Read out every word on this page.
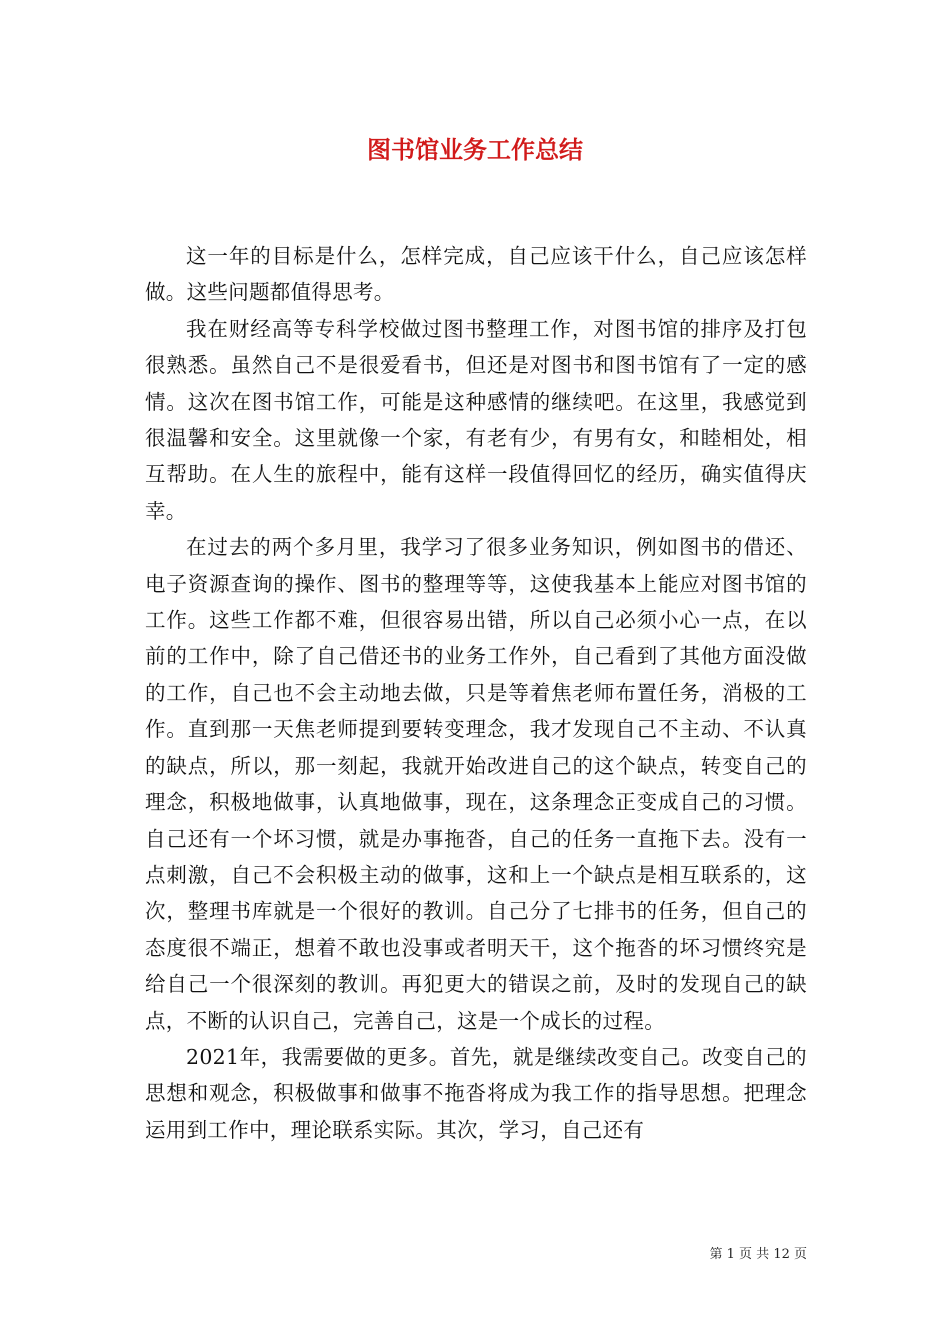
图书馆业务工作总结

这一年的目标是什么，怎样完成，自己应该干什么，自己应该怎样做。这些问题都值得思考。

我在财经高等专科学校做过图书整理工作，对图书馆的排序及打包很熟悉。虽然自己不是很爱看书，但还是对图书和图书馆有了一定的感情。这次在图书馆工作，可能是这种感情的继续吧。在这里，我感觉到很温馨和安全。这里就像一个家，有老有少，有男有女，和睦相处，相互帮助。在人生的旅程中，能有这样一段值得回忆的经历，确实值得庆幸。

在过去的两个多月里，我学习了很多业务知识，例如图书的借还、电子资源查询的操作、图书的整理等等，这使我基本上能应对图书馆的工作。这些工作都不难，但很容易出错，所以自己必须小心一点，在以前的工作中，除了自己借还书的业务工作外，自己看到了其他方面没做的工作，自己也不会主动地去做，只是等着焦老师布置任务，消极的工作。直到那一天焦老师提到要转变理念，我才发现自己不主动、不认真的缺点，所以，那一刻起，我就开始改进自己的这个缺点，转变自己的理念，积极地做事，认真地做事，现在，这条理念正变成自己的习惯。自己还有一个坏习惯，就是办事拖沓，自己的任务一直拖下去。没有一点刺激，自己不会积极主动的做事，这和上一个缺点是相互联系的，这次，整理书库就是一个很好的教训。自己分了七排书的任务，但自己的态度很不端正，想着不敢也没事或者明天干，这个拖沓的坏习惯终究是给自己一个很深刻的教训。再犯更大的错误之前，及时的发现自己的缺点，不断的认识自己，完善自己，这是一个成长的过程。

2021年，我需要做的更多。首先，就是继续改变自己。改变自己的思想和观念，积极做事和做事不拖沓将成为我工作的指导思想。把理念运用到工作中，理论联系实际。其次，学习，自己还有

第 1 页 共 12 页
